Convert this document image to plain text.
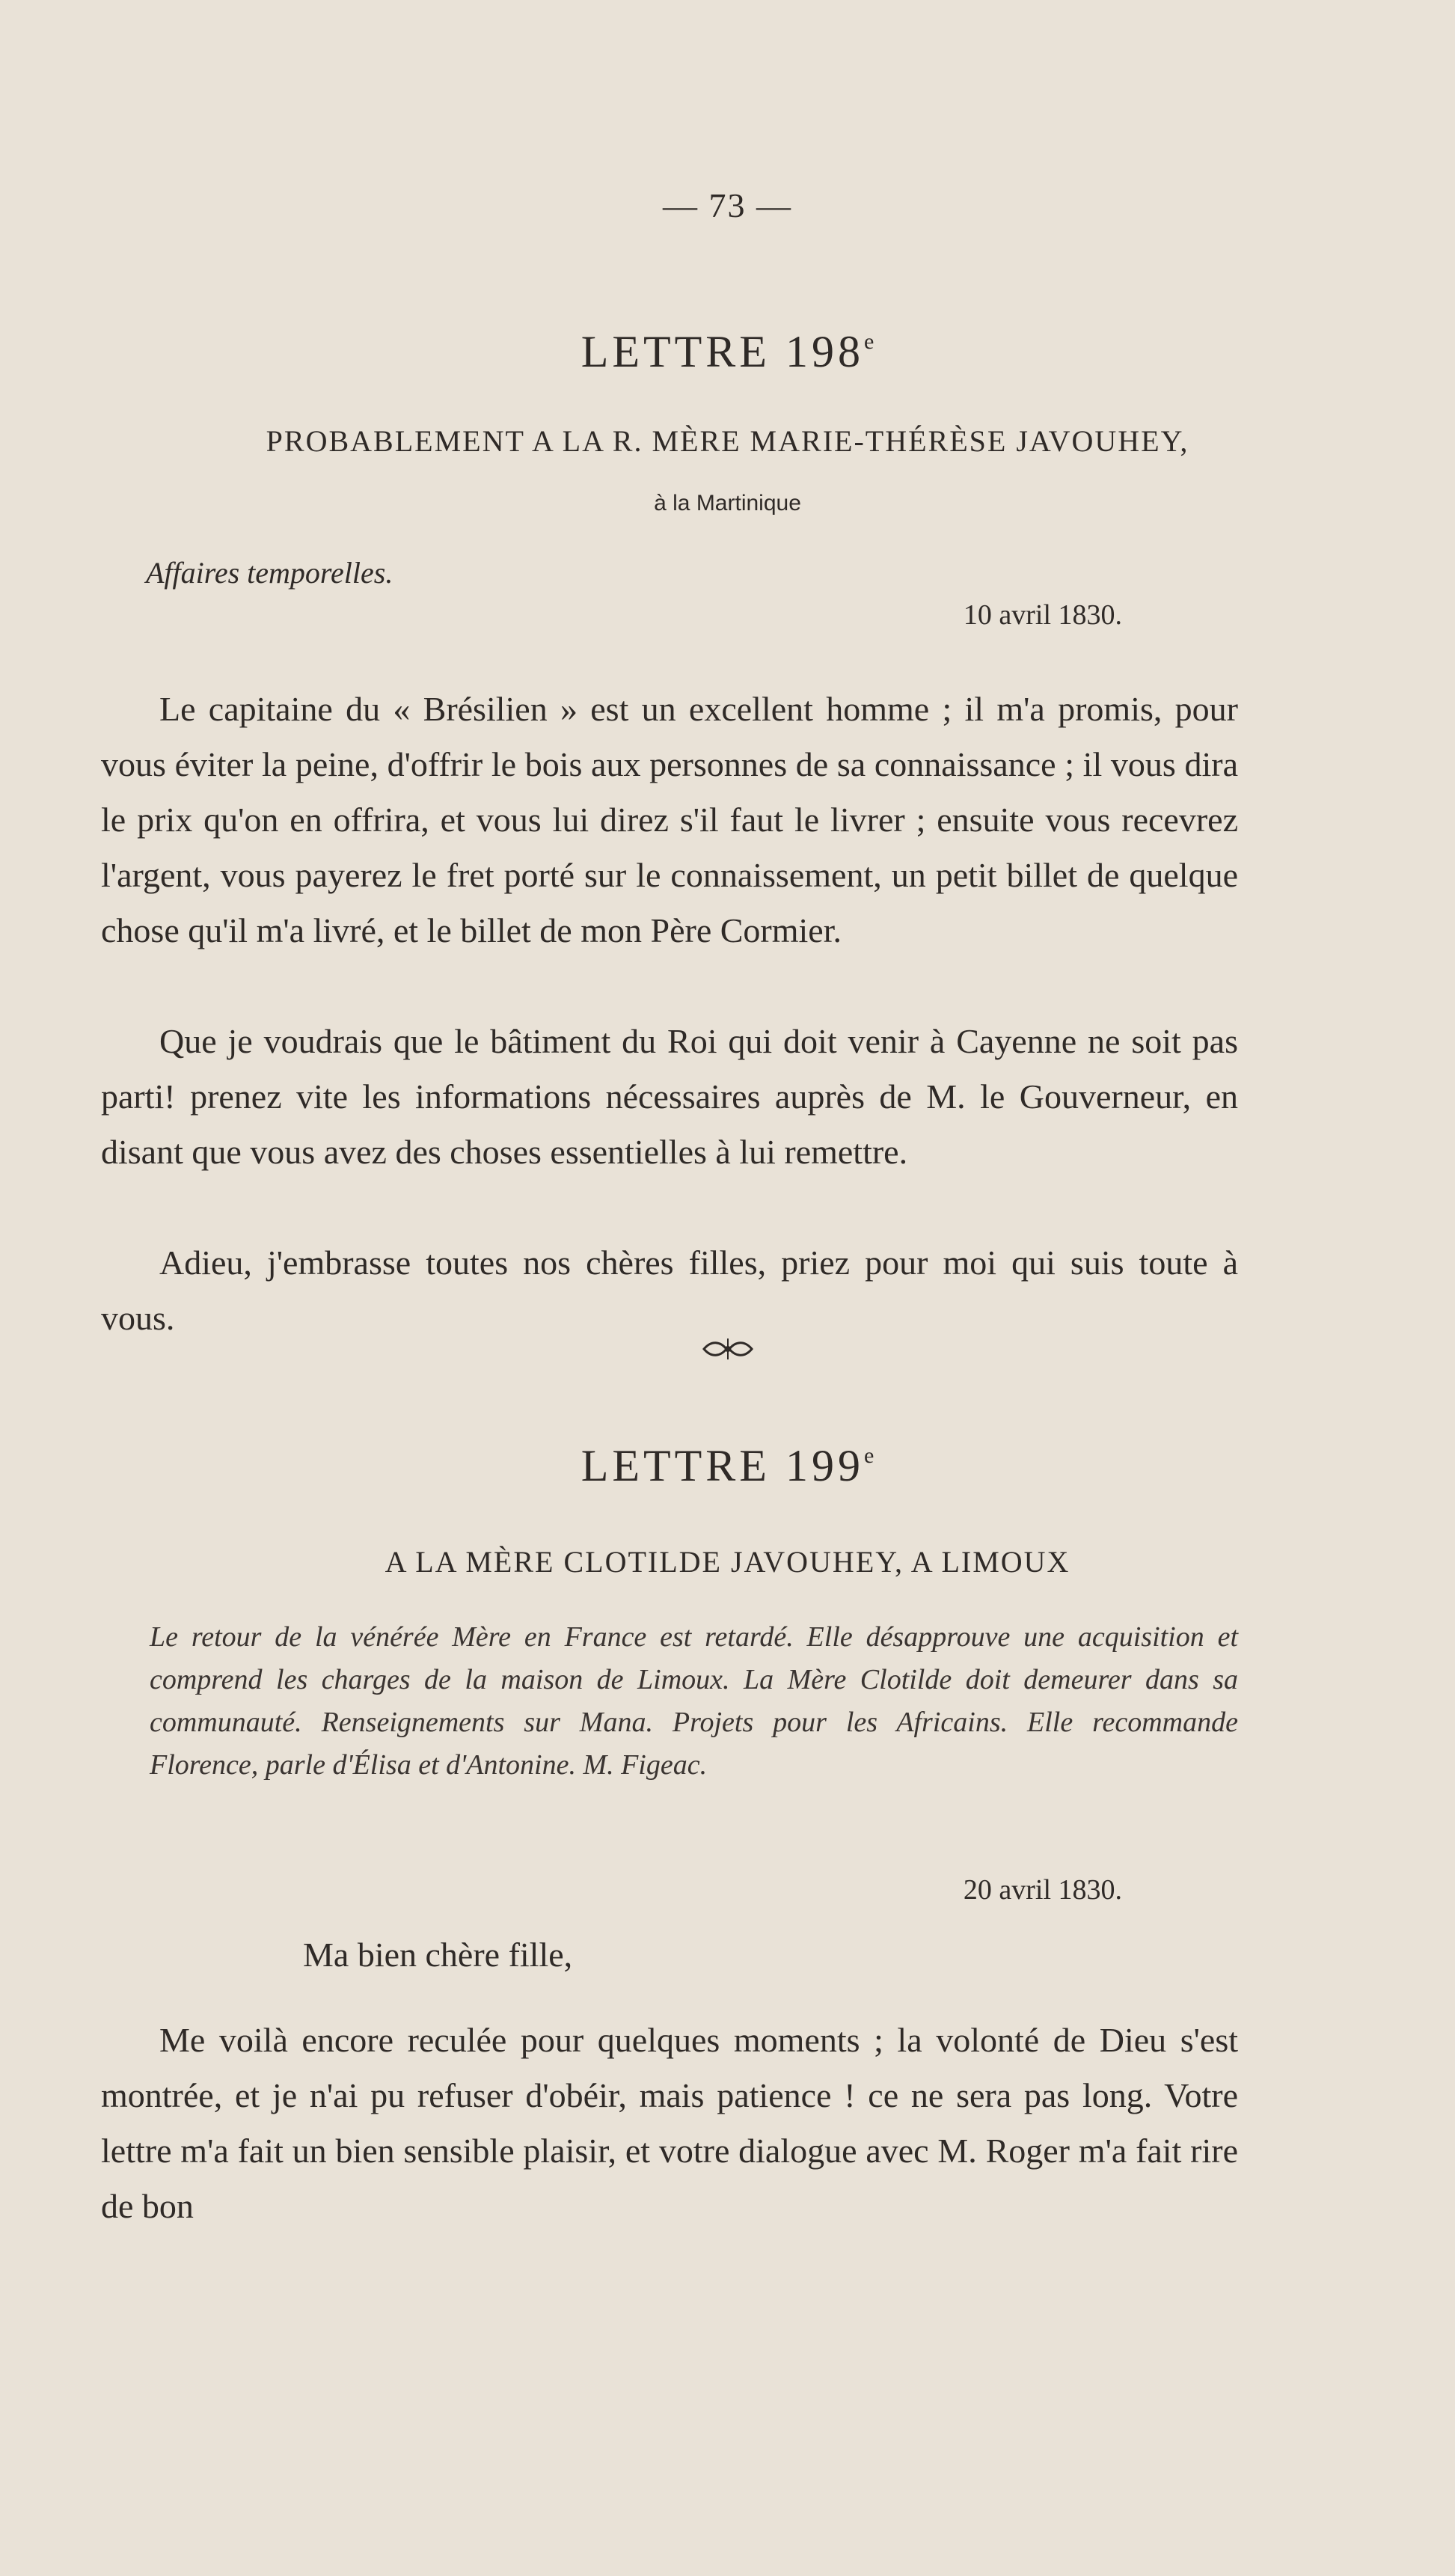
— 73 —
LETTRE 198e
PROBABLEMENT A LA R. MÈRE MARIE-THÉRÈSE JAVOUHEY,
à la Martinique
Affaires temporelles.
10 avril 1830.

Le capitaine du « Brésilien » est un excellent homme ; il m'a promis, pour vous éviter la peine, d'offrir le bois aux personnes de sa connaissance ; il vous dira le prix qu'on en offrira, et vous lui direz s'il faut le livrer ; ensuite vous recevrez l'argent, vous payerez le fret porté sur le connaissement, un petit billet de quelque chose qu'il m'a livré, et le billet de mon Père Cormier.

Que je voudrais que le bâtiment du Roi qui doit venir à Cayenne ne soit pas parti! prenez vite les informations nécessaires auprès de M. le Gouverneur, en disant que vous avez des choses essentielles à lui remettre.

Adieu, j'embrasse toutes nos chères filles, priez pour moi qui suis toute à vous.

LETTRE 199e
A LA MÈRE CLOTILDE JAVOUHEY, A LIMOUX

Le retour de la vénérée Mère en France est retardé. Elle désapprouve une acquisition et comprend les charges de la maison de Limoux. La Mère Clotilde doit demeurer dans sa communauté. Renseignements sur Mana. Projets pour les Africains. Elle recommande Florence, parle d'Élisa et d'Antonine. M. Figeac.

20 avril 1830.
Ma bien chère fille,

Me voilà encore reculée pour quelques moments ; la volonté de Dieu s'est montrée, et je n'ai pu refuser d'obéir, mais patience ! ce ne sera pas long. Votre lettre m'a fait un bien sensible plaisir, et votre dialogue avec M. Roger m'a fait rire de bon
